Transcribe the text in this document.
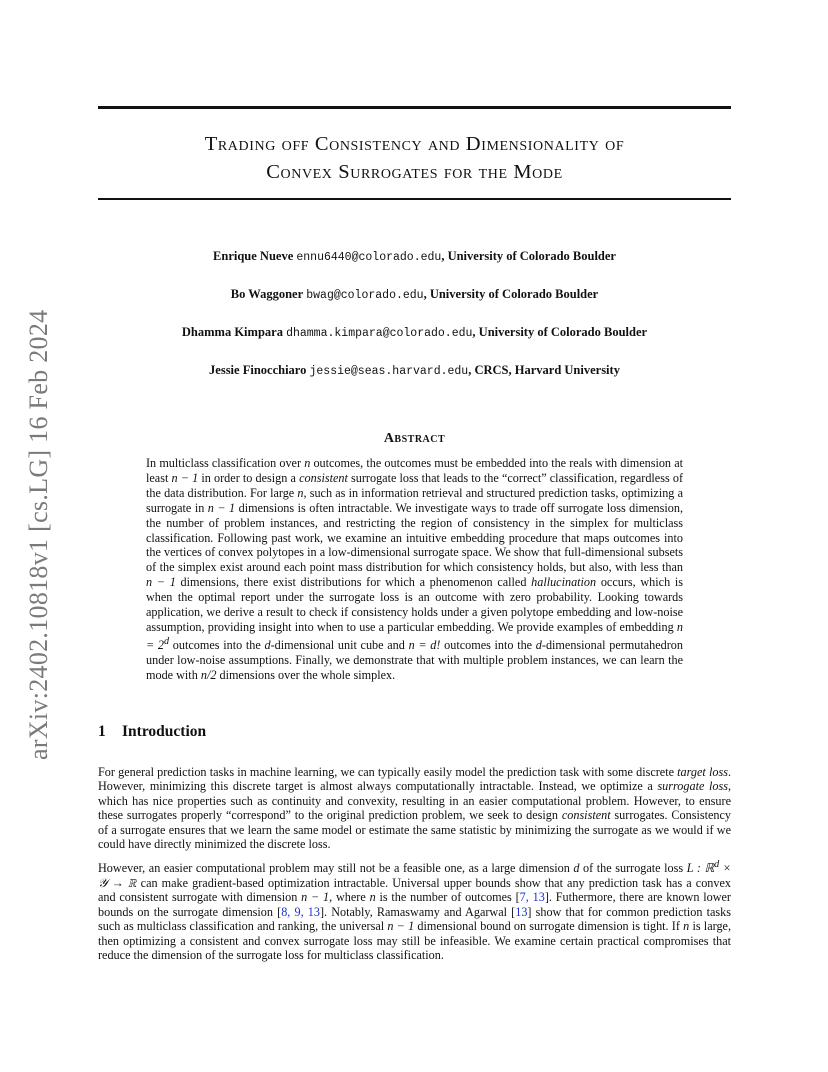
arXiv:2402.10818v1 [cs.LG] 16 Feb 2024
Trading off Consistency and Dimensionality of
Convex Surrogates for the Mode
Enrique Nueve ennu6440@colorado.edu, University of Colorado Boulder
Bo Waggoner bwag@colorado.edu, University of Colorado Boulder
Dhamma Kimpara dhamma.kimpara@colorado.edu, University of Colorado Boulder
Jessie Finocchiaro jessie@seas.harvard.edu, CRCS, Harvard University
Abstract
In multiclass classification over n outcomes, the outcomes must be embedded into the reals with dimension at least n − 1 in order to design a consistent surrogate loss that leads to the “correct” classification, regardless of the data distribution. For large n, such as in information retrieval and structured prediction tasks, optimizing a surrogate in n − 1 dimensions is often intractable. We investigate ways to trade off surrogate loss dimension, the number of problem instances, and restricting the region of consistency in the simplex for multiclass classification. Following past work, we examine an intuitive embedding procedure that maps outcomes into the vertices of convex polytopes in a low-dimensional surrogate space. We show that full-dimensional subsets of the simplex exist around each point mass distribution for which consistency holds, but also, with less than n − 1 dimensions, there exist distributions for which a phenomenon called hallucination occurs, which is when the optimal report under the surrogate loss is an outcome with zero probability. Looking towards application, we derive a result to check if consistency holds under a given polytope embedding and low-noise assumption, providing insight into when to use a particular embedding. We provide examples of embedding $n = 2^d$ outcomes into the d-dimensional unit cube and n = d! outcomes into the d-dimensional permutahedron under low-noise assumptions. Finally, we demonstrate that with multiple problem instances, we can learn the mode with n/2 dimensions over the whole simplex.
1 Introduction

For general prediction tasks in machine learning, we can typically easily model the prediction task with some discrete target loss. However, minimizing this discrete target is almost always computationally intractable. Instead, we optimize a surrogate loss, which has nice properties such as continuity and convexity, resulting in an easier computational problem. However, to ensure these surrogates properly “correspond” to the original prediction problem, we seek to design consistent surrogates. Consistency of a surrogate ensures that we learn the same model or estimate the same statistic by minimizing the surrogate as we would if we could have directly minimized the discrete loss.

However, an easier computational problem may still not be a feasible one, as a large dimension d of the surrogate loss L : ℝ$^d$ × 𝒴 → ℝ can make gradient-based optimization intractable. Universal upper bounds show that any prediction task has a convex and consistent surrogate with dimension n − 1, where n is the number of outcomes [7, 13]. Futhermore, there are known lower bounds on the surrogate dimension [8, 9, 13]. Notably, Ramaswamy and Agarwal [13] show that for common prediction tasks such as multiclass classification and ranking, the universal n − 1 dimensional bound on surrogate dimension is tight. If n is large, then optimizing a consistent and convex surrogate loss may still be infeasible. We examine certain practical compromises that reduce the dimension of the surrogate loss for multiclass classification.
